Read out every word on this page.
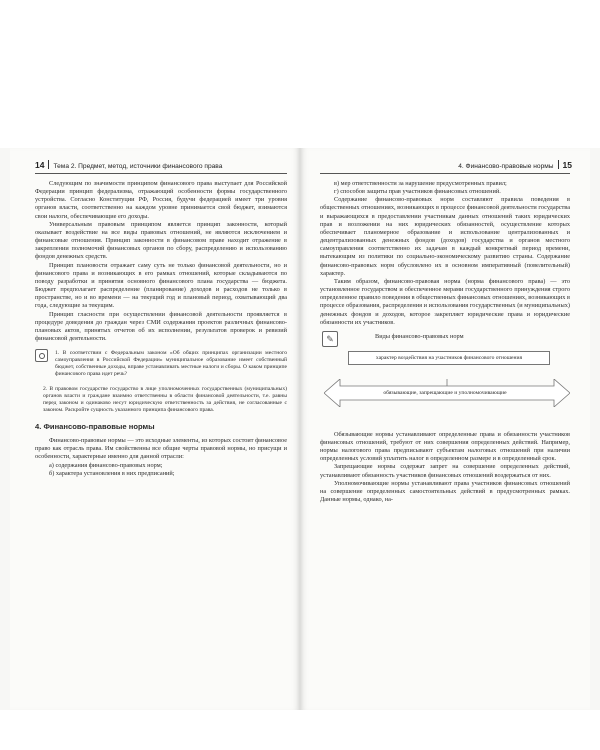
14 Тема 2. Предмет, метод, источники финансового права

Следующим по значимости принципом финансового права выступает для Российской Федерации принцип федерализма, отражающий особенности формы государственного устройства. Согласно Конституции РФ, Россия, будучи федерацией имеет три уровня органов власти, соответственно на каждом уровне принимается свой бюджет, взимаются свои налоги, обеспечивающие его доходы.

Универсальным правовым принципом является принцип законности, который оказывает воздействие на все виды правовых отношений, не являются исключением и финансовые отношения. Принцип законности в финансовом праве находит отражение в закреплении полномочий финансовых органов по сбору, распределению и использованию фондов денежных средств.

Принцип плановости отражает саму суть не только финансовой деятельности, но и финансового права и возникающих в его рамках отношений, которые складываются по поводу разработки и принятия основного финансового плана государства — бюджета. Бюджет предполагает распределение (планирование) доходов и расходов не только в пространстве, но и во времени — на текущий год и плановый период, охватывающий два года, следующие за текущим.

Принцип гласности при осуществлении финансовой деятельности проявляется в процедуре доведения до граждан через СМИ содержания проектов различных финансово-плановых актов, принятых отчетов об их исполнении, результатов проверок и ревизий финансовой деятельности.

1. В соответствии с Федеральным законом «Об общих принципах организации местного самоуправления в Российской Федерации» муниципальное образование имеет собственный бюджет, собственные доходы, вправе устанавливать местные налоги и сборы. О каком принципе финансового права идет речь?
2. В правовом государстве государство в лице уполномоченных государственных (муниципальных) органов власти и граждане взаимно ответственны в области финансовой деятельности, т.е. равны перед законом и одинаково несут юридическую ответственность за действия, не согласованные с законом. Раскройте сущность указанного принципа финансового права.
4. Финансово-правовые нормы

Финансово-правовые нормы — это исходные элементы, из которых состоит финансовое право как отрасль права. Им свойственны все общие черты правовой нормы, но присущи и особенности, характерные именно для данной отрасли:

а) содержания финансово-правовых норм;

б) характера установления в них предписаний;

4. Финансово-правовые нормы 15

в) мер ответственности за нарушение предусмотренных правил;

г) способов защиты прав участников финансовых отношений.

Содержание финансово-правовых норм составляют правила поведения в общественных отношениях, возникающих в процессе финансовой деятельности государства и выражающихся в предоставлении участникам данных отношений таких юридических прав и возложении на них юридических обязанностей, осуществление которых обеспечивает планомерное образование и использование централизованных и децентрализованных денежных фондов (доходов) государства и органов местного самоуправления соответственно их задачам в каждый конкретный период времени, вытекающим из политики по социально-экономическому развитию страны. Содержание финансово-правовых норм обусловлено их в основном императивный (повелительный) характер.

Таким образом, финансово-правовая норма (норма финансового права) — это установленное государством и обеспеченное мерами государственного принуждения строго определенное правило поведения в общественных финансовых отношениях, возникающих в процессе образования, распределения и использования государственных (и муниципальных) денежных фондов и доходов, которое закрепляет юридические права и юридические обязанности их участников.

✎	Виды финансово-правовых норм
характер воздействия на участников финансового отношения
обязывающие, запрещающие и уполномочивающие

Обязывающие нормы устанавливают определенные права и обязанности участников финансовых отношений, требуют от них совершения определенных действий. Например, нормы налогового права предписывают субъектам налоговых отношений при наличии определенных условий уплатить налог в определенном размере и в определенный срок.

Запрещающие нормы содержат запрет на совершение определенных действий, устанавливают обязанность участников финансовых отношений воздержаться от них.

Уполномочивающие нормы устанавливают права участников финансовых отношений на совершение определенных самостоятельных действий в предусмотренных рамках. Данные нормы, однако, на-
